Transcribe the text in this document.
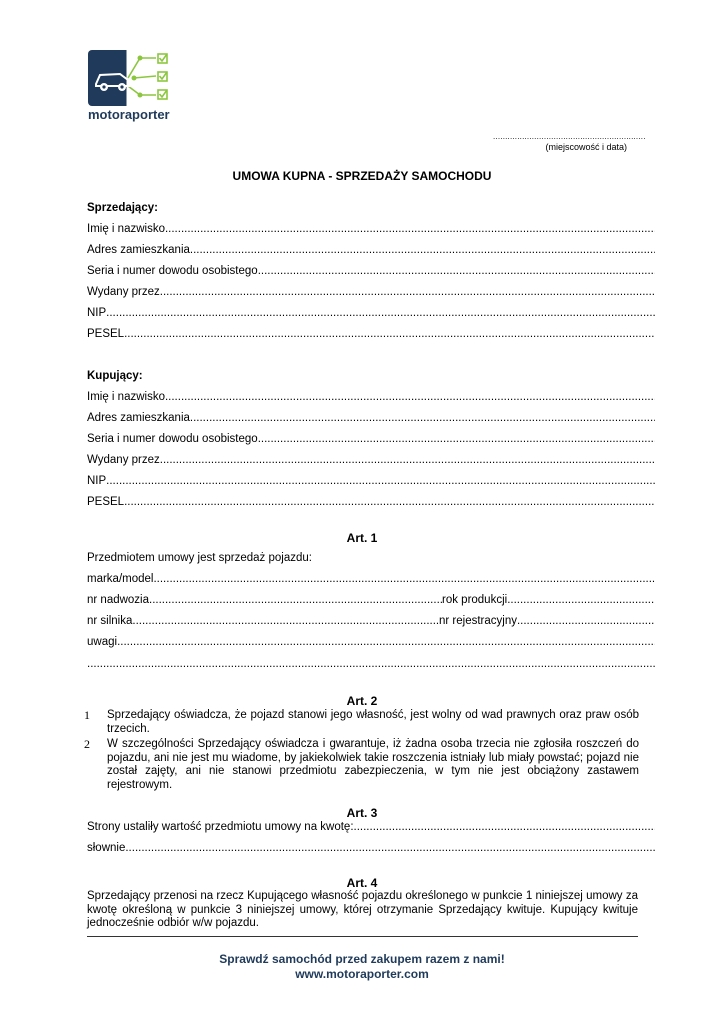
motoraporter
...............................................................
(miejscowość i data)
UMOWA KUPNA - SPRZEDAŻY SAMOCHODU
Sprzedający:
Imię i nazwisko
.....
Adres zamieszkania
.....
Seria i numer dowodu osobistego
.....
Wydany przez
.....
NIP
.....
PESEL
.....
Kupujący:
Imię i nazwisko
.....
Adres zamieszkania
.....
Seria i numer dowodu osobistego
.....
Wydany przez
.....
NIP
.....
PESEL
.....
Art. 1
Przedmiotem umowy jest sprzedaż pojazdu:
marka/model
.....
nr nadwozia .....	rok produkcji
.....
nr silnika .....	nr rejestracyjny
.....
uwagi
.....
.....
Art. 2
1 Sprzedający oświadcza, że pojazd stanowi jego własność, jest wolny od wad prawnych oraz praw osób trzecich.
2 W szczególności Sprzedający oświadcza i gwarantuje, iż żadna osoba trzecia nie zgłosiła roszczeń do pojazdu, ani nie jest mu wiadome, by jakiekolwiek takie roszczenia istniały lub miały powstać; pojazd nie został zajęty, ani nie stanowi przedmiotu zabezpieczenia, w tym nie jest obciążony zastawem rejestrowym.
Art. 3
Strony ustaliły wartość przedmiotu umowy na kwotę:
.....
słownie
.....
Art. 4
Sprzedający przenosi na rzecz Kupującego własność pojazdu określonego w punkcie 1 niniejszej umowy za kwotę określoną w punkcie 3 niniejszej umowy, której otrzymanie Sprzedający kwituje. Kupujący kwituje jednocześnie odbiór w/w pojazdu.
Sprawdź samochód przed zakupem razem z nami!
www.motoraporter.com
